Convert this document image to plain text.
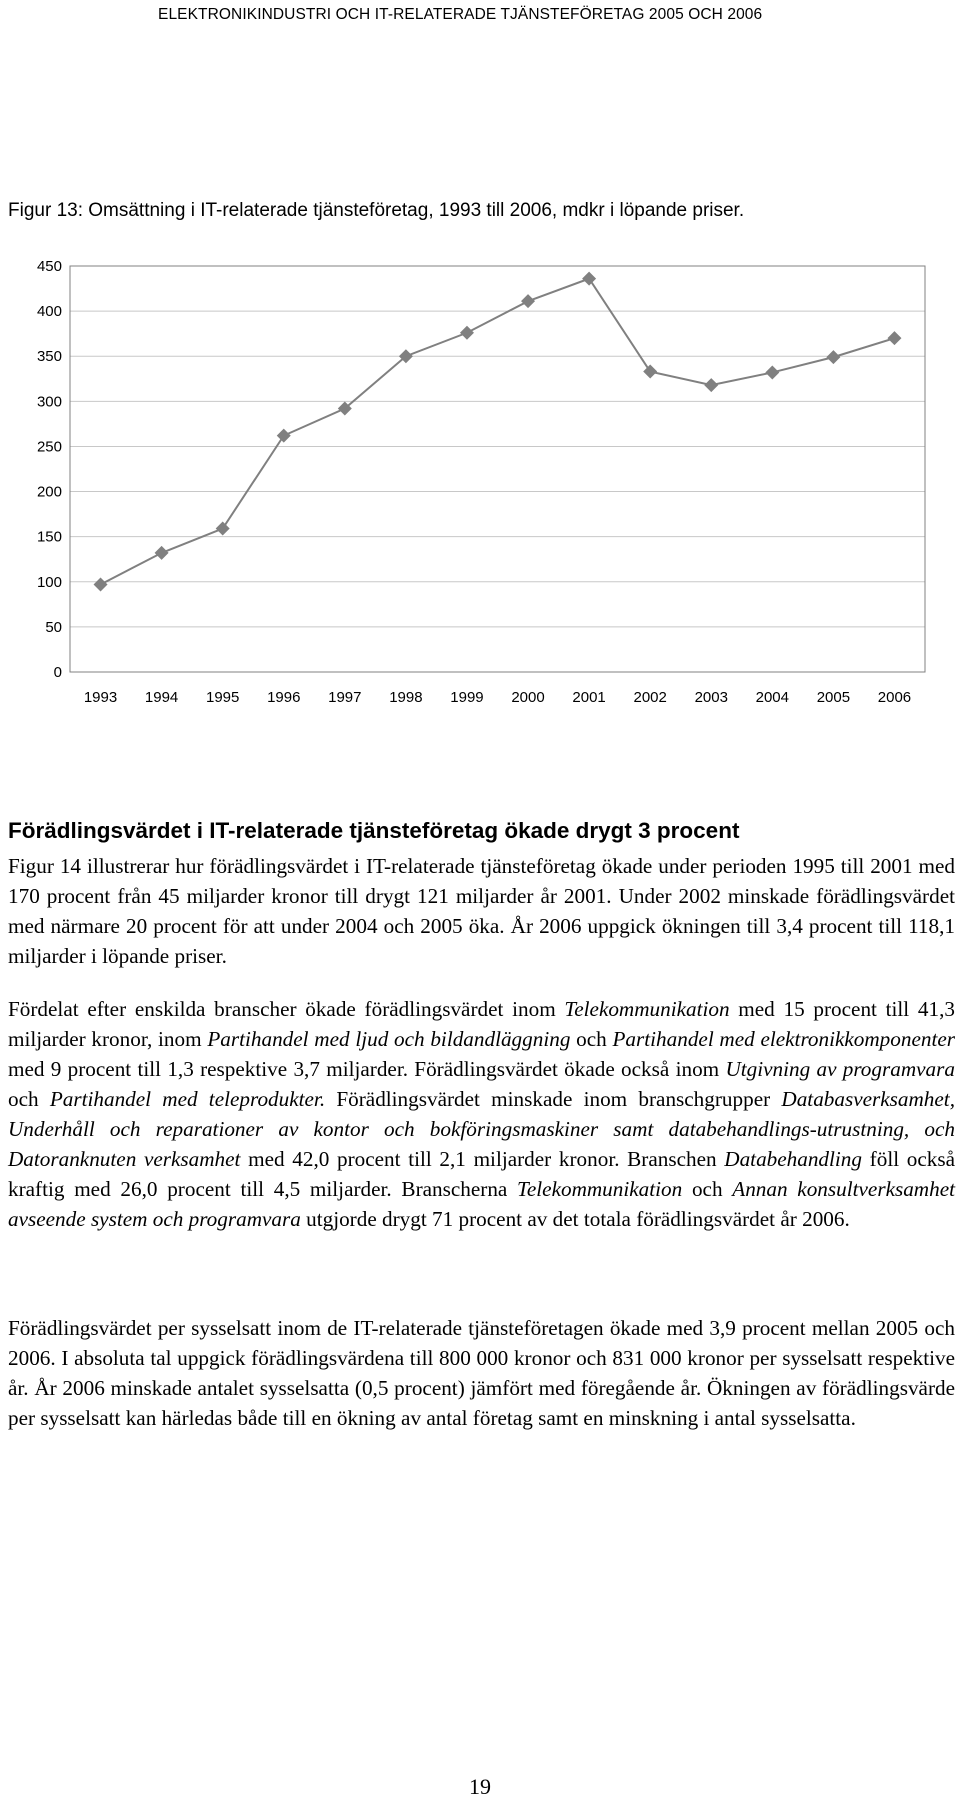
ELEKTRONIKINDUSTRI OCH IT-RELATERADE TJÄNSTEFÖRETAG 2005 OCH 2006
Figur 13: Omsättning i IT-relaterade tjänsteföretag, 1993 till 2006, mdkr i löpande priser.
0
50
100
150
200
250
300
350
400
450
1993 1994 1995 1996 1997 1998 1999 2000 2001 2002 2003 2004 2005 2006
Förädlingsvärdet i IT-relaterade tjänsteföretag ökade drygt 3 procent

Figur 14 illustrerar hur förädlingsvärdet i IT-relaterade tjänsteföretag ökade under perioden 1995 till 2001 med 170 procent från 45 miljarder kronor till drygt 121 miljarder år 2001. Under 2002 minskade förädlingsvärdet med närmare 20 procent för att under 2004 och 2005 öka. År 2006 uppgick ökningen till 3,4 procent till 118,1 miljarder i löpande priser.

Fördelat efter enskilda branscher ökade förädlingsvärdet inom Telekommunikation med 15 procent till 41,3 miljarder kronor, inom Partihandel med ljud och bildandläggning och Partihandel med elektronikkomponenter med 9 procent till 1,3 respektive 3,7 miljarder. Förädlingsvärdet ökade också inom Utgivning av programvara och Partihandel med teleprodukter. Förädlingsvärdet minskade inom branschgrupper Databasverksamhet, Underhåll och reparationer av kontor och bokföringsmaskiner samt databehandlings-utrustning, och Datoranknuten verksamhet med 42,0 procent till 2,1 miljarder kronor. Branschen Databehandling föll också kraftig med 26,0 procent till 4,5 miljarder. Branscherna Telekommunikation och Annan konsultverksamhet avseende system och programvara utgjorde drygt 71 procent av det totala förädlingsvärdet år 2006.

Förädlingsvärdet per sysselsatt inom de IT-relaterade tjänsteföretagen ökade med 3,9 procent mellan 2005 och 2006. I absoluta tal uppgick förädlingsvärdena till 800 000 kronor och 831 000 kronor per sysselsatt respektive år. År 2006 minskade antalet sysselsatta (0,5 procent) jämfört med föregående år. Ökningen av förädlingsvärde per sysselsatt kan härledas både till en ökning av antal företag samt en minskning i antal sysselsatta.

19
